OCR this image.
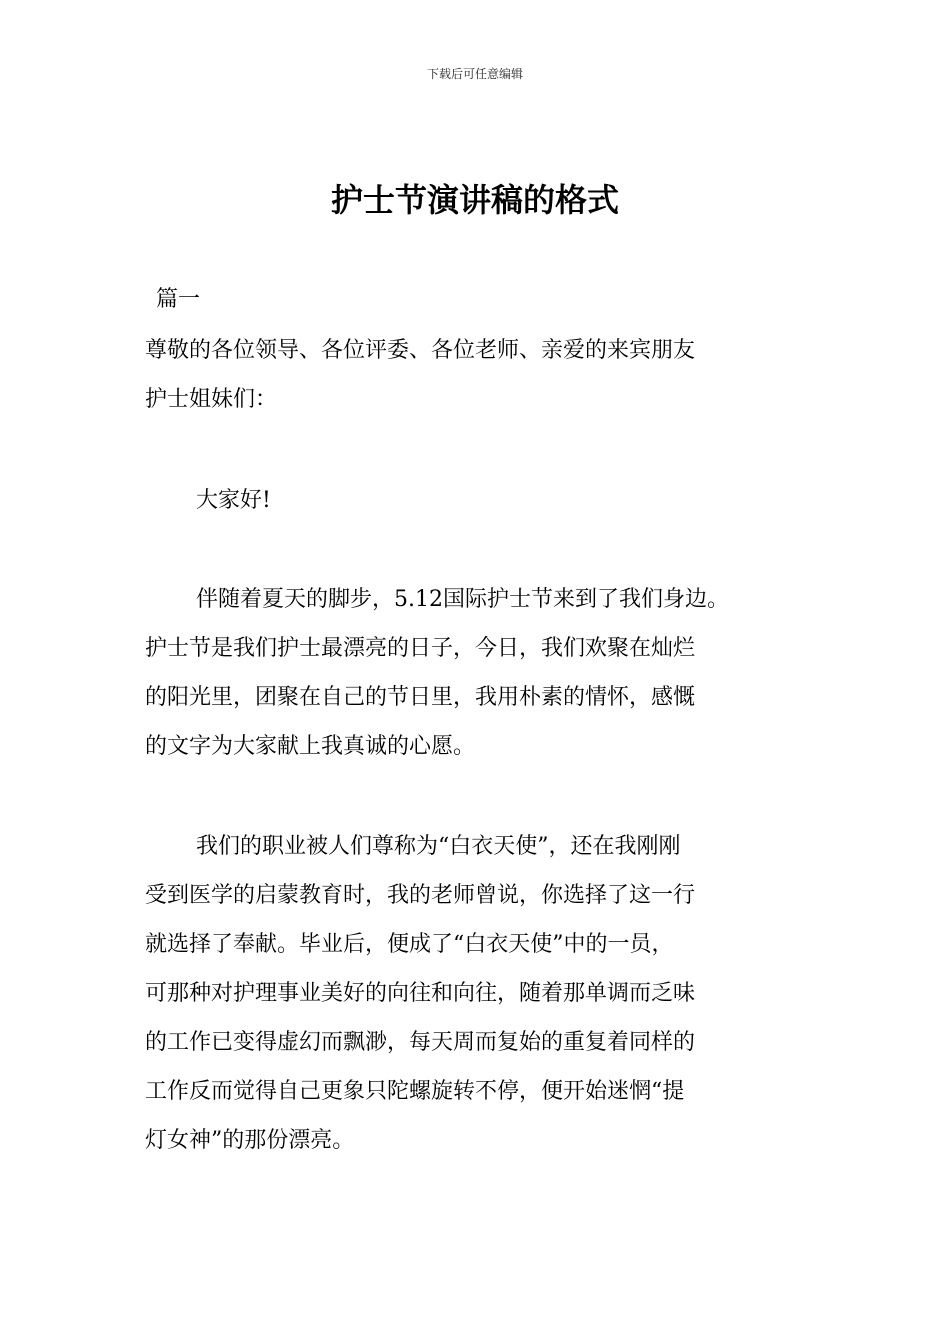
下载后可任意编辑
护士节演讲稿的格式
篇一
尊敬的各位领导、各位评委、各位老师、亲爱的来宾朋友
护士姐妹们：
大家好!
伴随着夏天的脚步，5.12国际护士节来到了我们身边。
护士节是我们护士最漂亮的日子，今日，我们欢聚在灿烂
的阳光里，团聚在自己的节日里，我用朴素的情怀，感慨
的文字为大家献上我真诚的心愿。
我们的职业被人们尊称为“白衣天使”，还在我刚刚
受到医学的启蒙教育时，我的老师曾说，你选择了这一行
就选择了奉献。毕业后，便成了“白衣天使”中的一员，
可那种对护理事业美好的向往和向往，随着那单调而乏味
的工作已变得虚幻而飘渺，每天周而复始的重复着同样的
工作反而觉得自己更象只陀螺旋转不停，便开始迷惘“提
灯女神”的那份漂亮。
